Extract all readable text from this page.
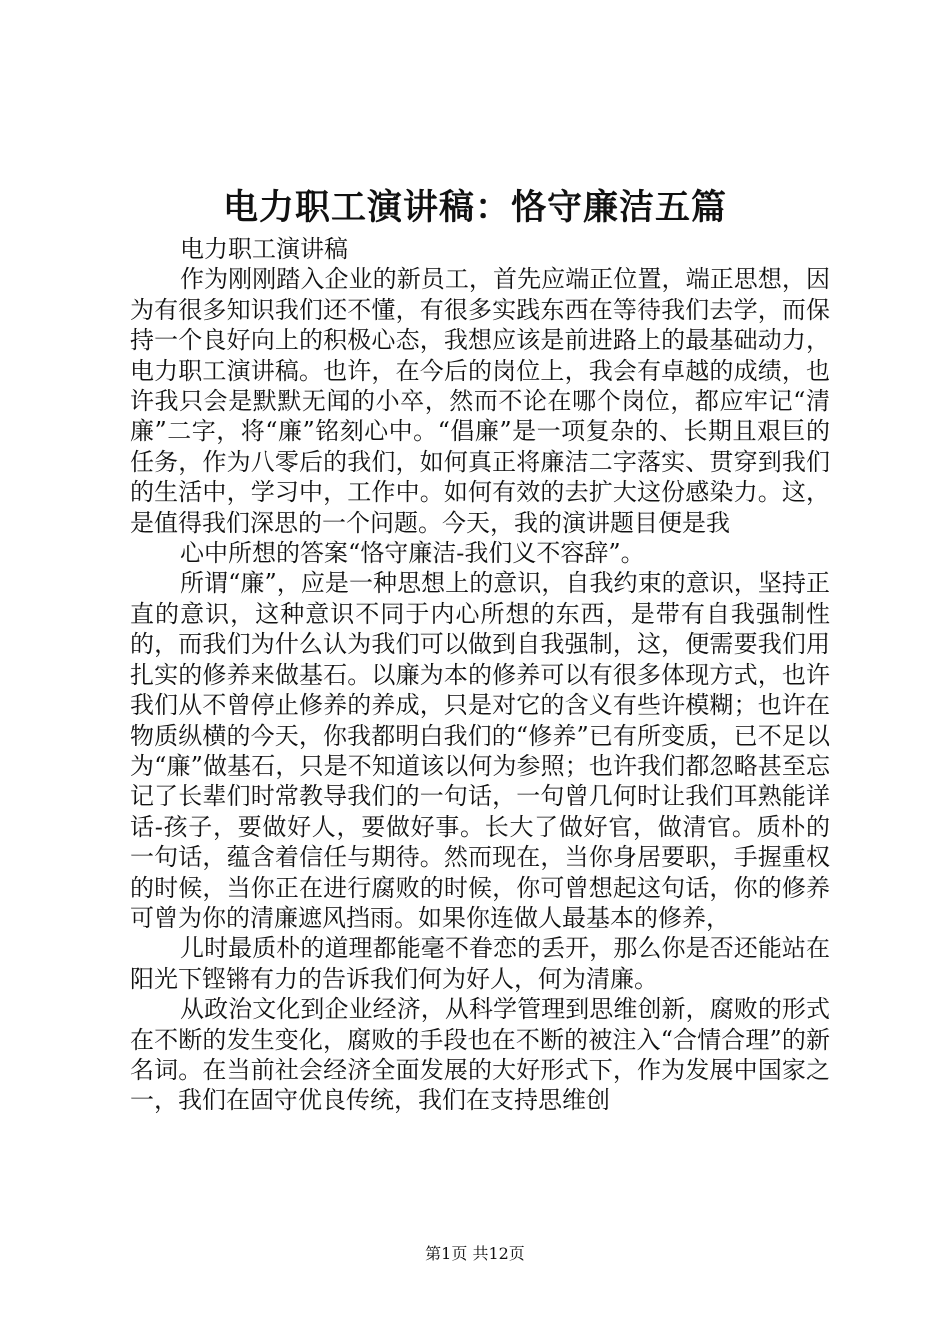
电力职工演讲稿：恪守廉洁五篇

电力职工演讲稿

作为刚刚踏入企业的新员工，首先应端正位置，端正思想，因为有很多知识我们还不懂，有很多实践东西在等待我们去学，而保持一个良好向上的积极心态，我想应该是前进路上的最基础动力，电力职工演讲稿。也许，在今后的岗位上，我会有卓越的成绩，也许我只会是默默无闻的小卒，然而不论在哪个岗位，都应牢记“清廉”二字，将“廉”铭刻心中。“倡廉”是一项复杂的、长期且艰巨的任务，作为八零后的我们，如何真正将廉洁二字落实、贯穿到我们的生活中，学习中，工作中。如何有效的去扩大这份感染力。这，是值得我们深思的一个问题。今天，我的演讲题目便是我

心中所想的答案“恪守廉洁-我们义不容辞”。

所谓“廉”，应是一种思想上的意识，自我约束的意识，坚持正直的意识，这种意识不同于内心所想的东西，是带有自我强制性的，而我们为什么认为我们可以做到自我强制，这，便需要我们用扎实的修养来做基石。以廉为本的修养可以有很多体现方式，也许我们从不曾停止修养的养成，只是对它的含义有些许模糊；也许在物质纵横的今天，你我都明白我们的“修养”已有所变质，已不足以为“廉”做基石，只是不知道该以何为参照；也许我们都忽略甚至忘记了长辈们时常教导我们的一句话，一句曾几何时让我们耳熟能详话-孩子，要做好人，要做好事。长大了做好官，做清官。质朴的一句话，蕴含着信任与期待。然而现在，当你身居要职，手握重权的时候，当你正在进行腐败的时候，你可曾想起这句话，你的修养可曾为你的清廉遮风挡雨。如果你连做人最基本的修养，

儿时最质朴的道理都能毫不眷恋的丢开，那么你是否还能站在阳光下铿锵有力的告诉我们何为好人，何为清廉。

从政治文化到企业经济，从科学管理到思维创新，腐败的形式在不断的发生变化，腐败的手段也在不断的被注入“合情合理”的新名词。在当前社会经济全面发展的大好形式下，作为发展中国家之一，我们在固守优良传统，我们在支持思维创

第1页 共12页
